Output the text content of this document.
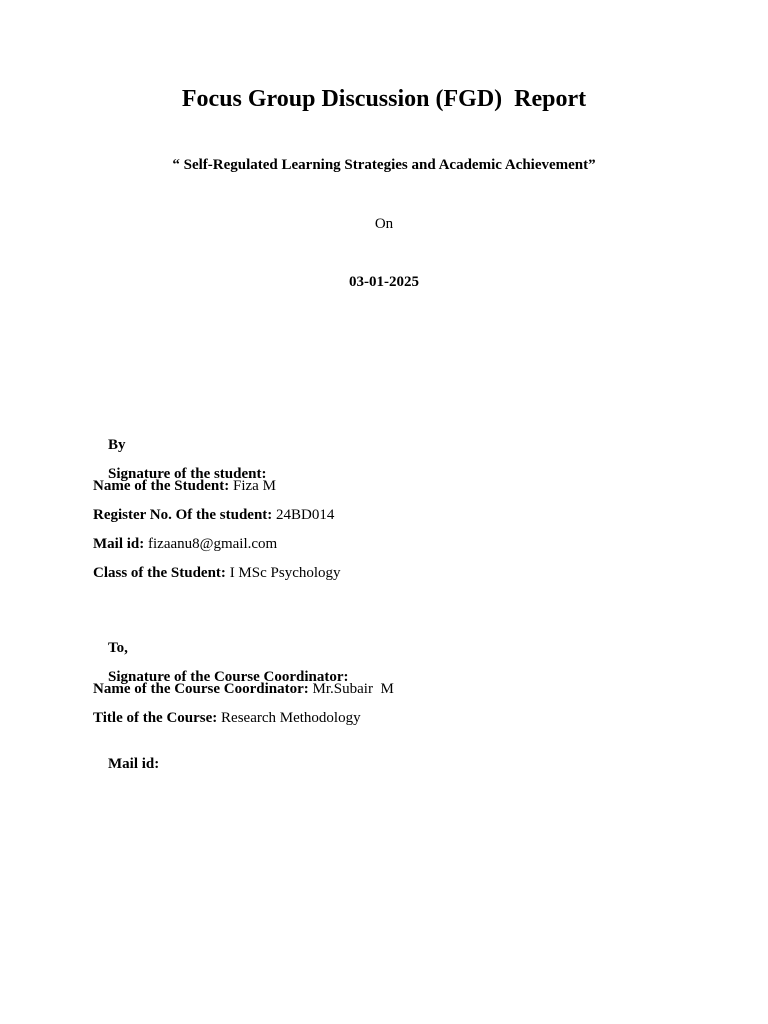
Focus Group Discussion (FGD)  Report
“ Self-Regulated Learning Strategies and Academic Achievement”
On
03-01-2025

By

Signature of the student:

Name of the Student: Fiza M
Register No. Of the student: 24BD014
Mail id: fizaanu8@gmail.com
Class of the Student: I MSc Psychology

To,

Signature of the Course Coordinator:

Name of the Course Coordinator: Mr.Subair  M
Title of the Course: Research Methodology

Mail id:
